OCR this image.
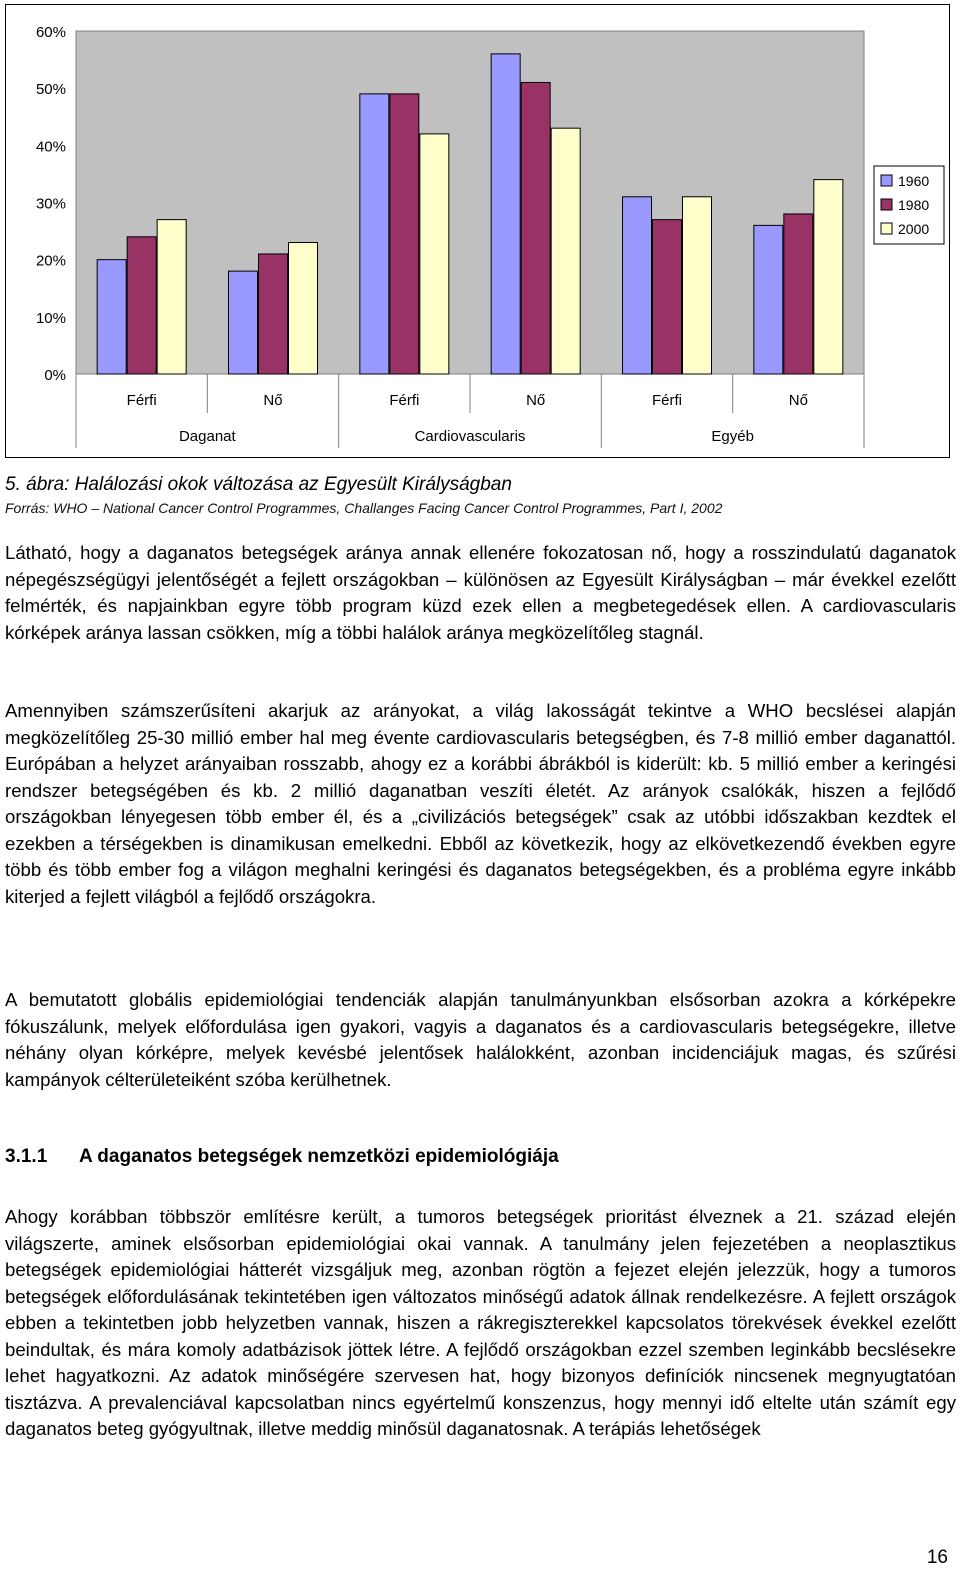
0%
10%
20%
30%
40%
50%
60%
Férfi	Nő	Férfi	Nő	Férfi	Nő
Daganat	Cardiovascularis	Egyéb
1960
1980
2000
5. ábra: Halálozási okok változása az Egyesült Királyságban
Forrás: WHO – National Cancer Control Programmes, Challanges Facing Cancer Control Programmes, Part I, 2002

Látható, hogy a daganatos betegségek aránya annak ellenére fokozatosan nő, hogy a rosszindulatú daganatok népegészségügyi jelentőségét a fejlett országokban – különösen az Egyesült Királyságban – már évekkel ezelőtt felmérték, és napjainkban egyre több program küzd ezek ellen a megbetegedések ellen. A cardiovascularis kórképek aránya lassan csökken, míg a többi halálok aránya megközelítőleg stagnál.

Amennyiben számszerűsíteni akarjuk az arányokat, a világ lakosságát tekintve a WHO becslései alapján megközelítőleg 25-30 millió ember hal meg évente cardiovascularis betegségben, és 7-8 millió ember daganattól. Európában a helyzet arányaiban rosszabb, ahogy ez a korábbi ábrákból is kiderült: kb. 5 millió ember a keringési rendszer betegségében és kb. 2 millió daganatban veszíti életét. Az arányok csalókák, hiszen a fejlődő országokban lényegesen több ember él, és a „civilizációs betegségek” csak az utóbbi időszakban kezdtek el ezekben a térségekben is dinamikusan emelkedni. Ebből az következik, hogy az elkövetkezendő években egyre több és több ember fog a világon meghalni keringési és daganatos betegségekben, és a probléma egyre inkább kiterjed a fejlett világból a fejlődő országokra.

A bemutatott globális epidemiológiai tendenciák alapján tanulmányunkban elsősorban azokra a kórképekre fókuszálunk, melyek előfordulása igen gyakori, vagyis a daganatos és a cardiovascularis betegségekre, illetve néhány olyan kórképre, melyek kevésbé jelentősek halálokként, azonban incidenciájuk magas, és szűrési kampányok célterületeiként szóba kerülhetnek.

3.1.1 A daganatos betegségek nemzetközi epidemiológiája

Ahogy korábban többször említésre került, a tumoros betegségek prioritást élveznek a 21. század elején világszerte, aminek elsősorban epidemiológiai okai vannak. A tanulmány jelen fejezetében a neoplasztikus betegségek epidemiológiai hátterét vizsgáljuk meg, azonban rögtön a fejezet elején jelezzük, hogy a tumoros betegségek előfordulásának tekintetében igen változatos minőségű adatok állnak rendelkezésre. A fejlett országok ebben a tekintetben jobb helyzetben vannak, hiszen a rákregiszterekkel kapcsolatos törekvések évekkel ezelőtt beindultak, és mára komoly adatbázisok jöttek létre. A fejlődő országokban ezzel szemben leginkább becslésekre lehet hagyatkozni. Az adatok minőségére szervesen hat, hogy bizonyos definíciók nincsenek megnyugtatóan tisztázva. A prevalenciával kapcsolatban nincs egyértelmű konszenzus, hogy mennyi idő eltelte után számít egy daganatos beteg gyógyultnak, illetve meddig minősül daganatosnak. A terápiás lehetőségek

16
